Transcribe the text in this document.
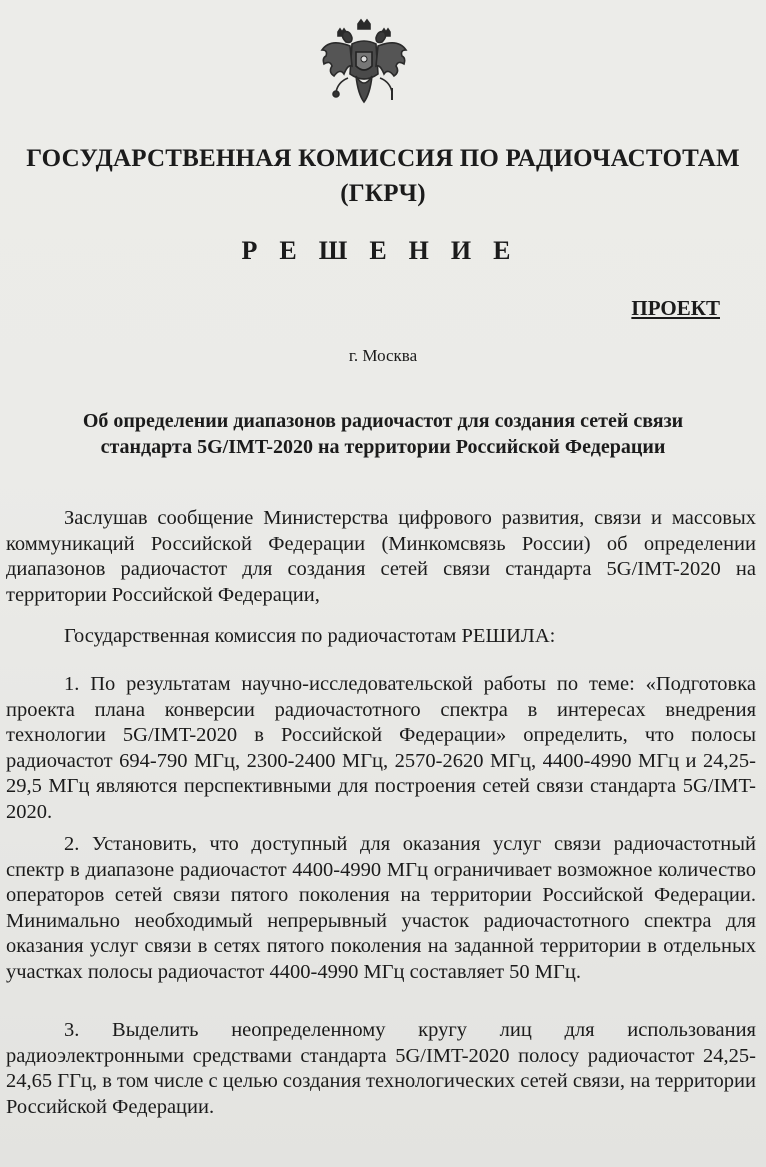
ГОСУДАРСТВЕННАЯ КОМИССИЯ ПО РАДИОЧАСТОТАМ
(ГКРЧ)
РЕШЕНИЕ
ПРОЕКТ
г. Москва
Об определении диапазонов радиочастот для создания сетей связи
стандарта 5G/IMT-2020 на территории Российской Федерации
Заслушав сообщение Министерства цифрового развития, связи и массовых коммуникаций Российской Федерации (Минкомсвязь России) об определении диапазонов радиочастот для создания сетей связи стандарта 5G/IMT-2020 на территории Российской Федерации,
Государственная комиссия по радиочастотам РЕШИЛА:
1. По результатам научно-исследовательской работы по теме: «Подготовка проекта плана конверсии радиочастотного спектра в интересах внедрения технологии 5G/IMT-2020 в Российской Федерации» определить, что полосы радиочастот 694-790 МГц, 2300-2400 МГц, 2570-2620 МГц, 4400-4990 МГц и 24,25-29,5 МГц являются перспективными для построения сетей связи стандарта 5G/IMT-2020.
2. Установить, что доступный для оказания услуг связи радиочастотный спектр в диапазоне радиочастот 4400-4990 МГц ограничивает возможное количество операторов сетей связи пятого поколения на территории Российской Федерации. Минимально необходимый непрерывный участок радиочастотного спектра для оказания услуг связи в сетях пятого поколения на заданной территории в отдельных участках полосы радиочастот 4400-4990 МГц составляет 50 МГц.
3. Выделить неопределенному кругу лиц для использования радиоэлектронными средствами стандарта 5G/IMT-2020 полосу радиочастот 24,25-24,65 ГГц, в том числе с целью создания технологических сетей связи, на территории Российской Федерации.
